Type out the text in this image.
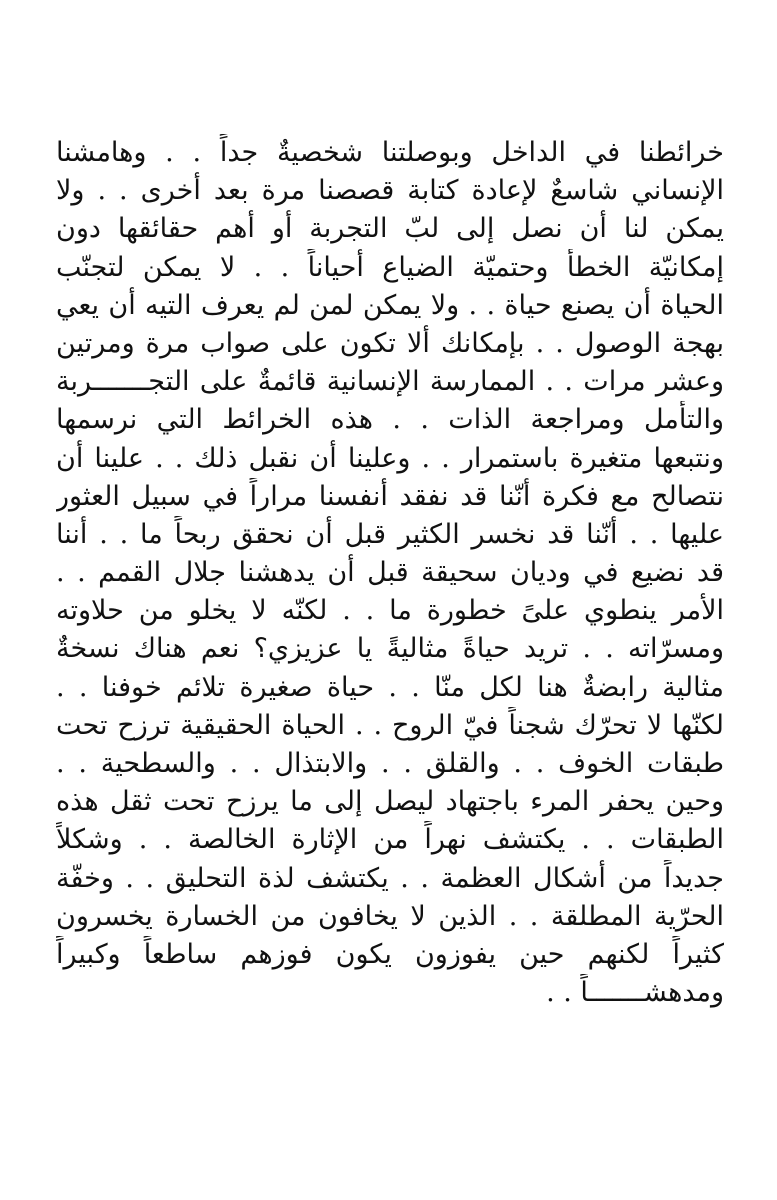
خرائطنا في الداخل وبوصلتنا شخصيةٌ جداً . . وهامشنا
الإنساني شاسعٌ لإعادة كتابة قصصنا مرة بعد أخرى . . ولا
يمكن لنا أن نصل إلى لبّ التجربة أو أهم حقائقها دون
إمكانيّة الخطأ وحتميّة الضياع أحياناً . . لا يمكن لتجنّب
الحياة أن يصنع حياة . . ولا يمكن لمن لم يعرف التيه أن يعي
بهجة الوصول . . بإمكانك ألا تكون على صواب مرة ومرتين
وعشر مرات . . الممارسة الإنسانية قائمةٌ على التجـــــــربة
والتأمل ومراجعة الذات . . هذه الخرائط التي نرسمها
ونتبعها متغيرة باستمرار . . وعلينا أن نقبل ذلك . . علينا أن
نتصالح مع فكرة أنّنا قد نفقد أنفسنا مراراً في سبيل العثور
عليها . . أنّنا قد نخسر الكثير قبل أن نحقق ربحاً ما . . أننا
قد نضيع في وديان سحيقة قبل أن يدهشنا جلال القمم . .
الأمر ينطوي علىً خطورة ما . . لكنّه لا يخلو من حلاوته
ومسرّاته . . تريد حياةً مثاليةً يا عزيزي؟ نعم هناك نسخةٌ
مثالية رابضةٌ هنا لكل منّا . . حياة صغيرة تلائم خوفنا . .
لكنّها لا تحرّك شجناً فيّ الروح . . الحياة الحقيقية ترزح تحت
طبقات الخوف . . والقلق . . والابتذال . . والسطحية . .
وحين يحفر المرء باجتهاد ليصل إلى ما يرزح تحت ثقل هذه
الطبقات . . يكتشف نهراً من الإثارة الخالصة . . وشكلاً
جديداً من أشكال العظمة . . يكتشف لذة التحليق . . وخفّة
الحرّية المطلقة . . الذين لا يخافون من الخسارة يخسرون
كثيراً لكنهم حين يفوزون يكون فوزهم ساطعاً وكبيراً
ومدهشـــــــاً . .
